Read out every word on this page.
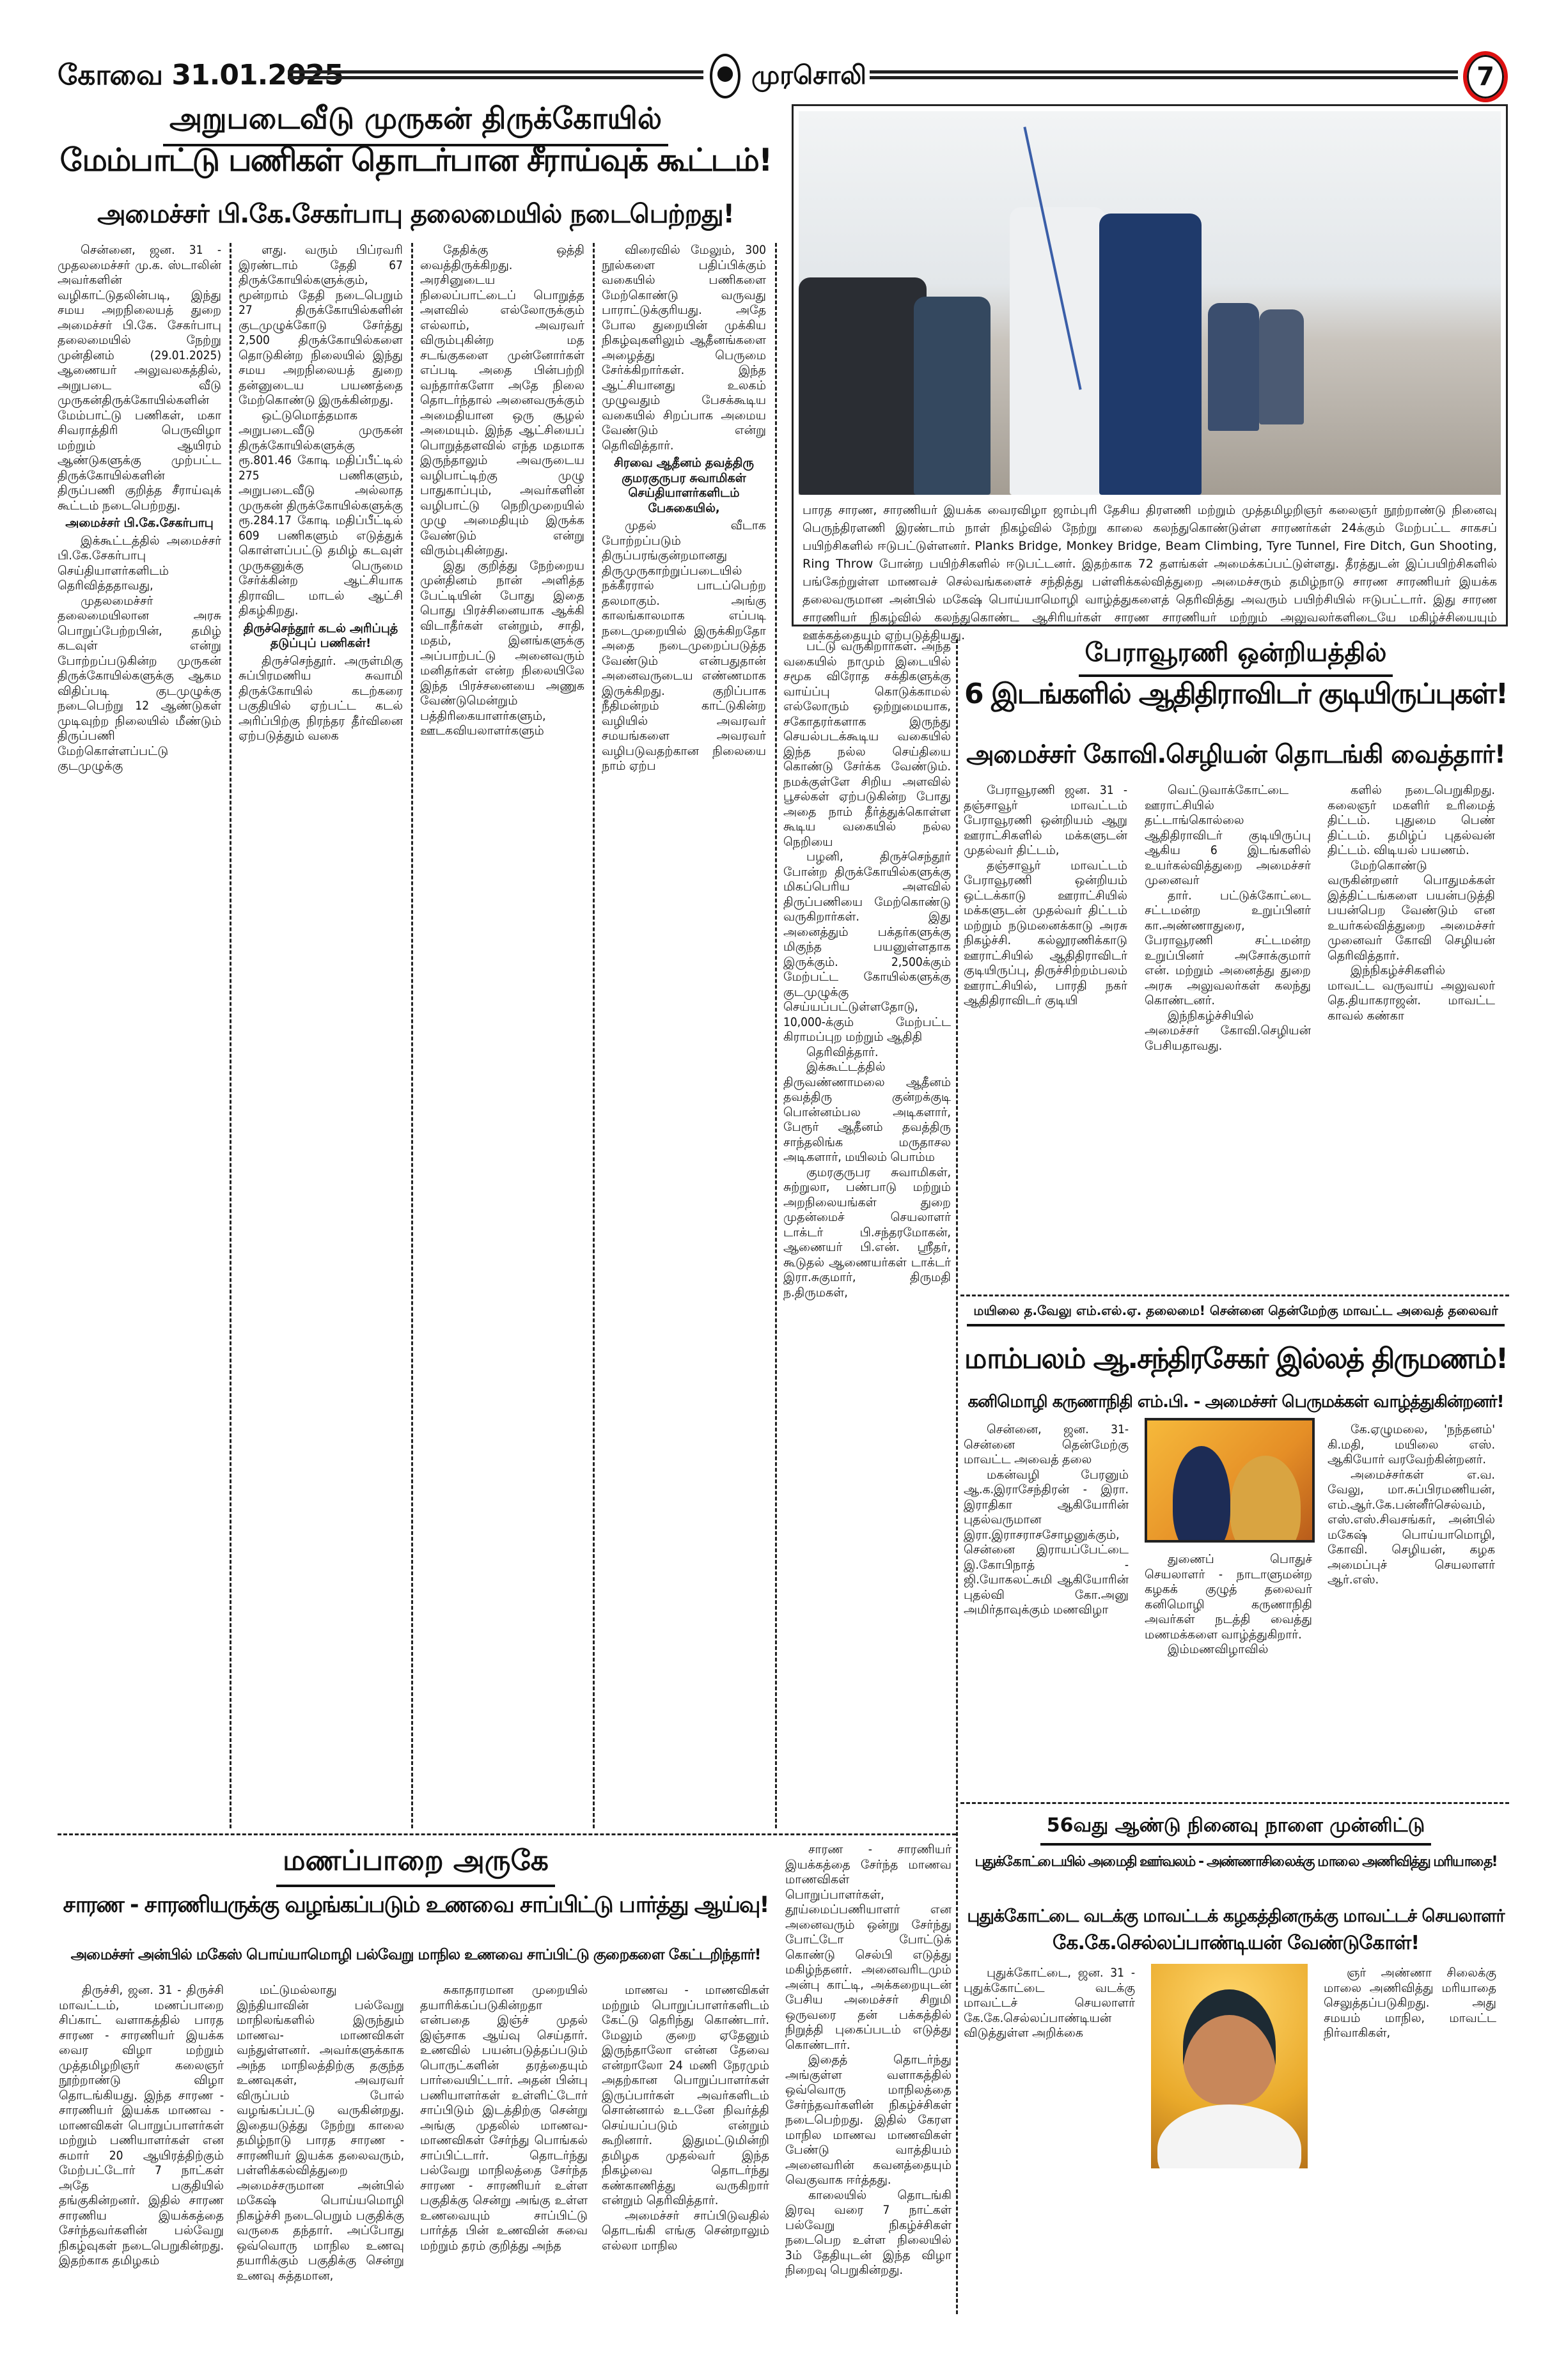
கோவை 31.01.2025	முரசொலி	7
அறுபடைவீடு முருகன் திருக்கோயில்
மேம்பாட்டு பணிகள் தொடர்பான சீராய்வுக் கூட்டம்!
அமைச்சர் பி.கே.சேகர்பாபு தலைமையில் நடைபெற்றது!

சென்னை, ஜன. 31 - முதலமைச்சர் மு.க. ஸ்டாலின் அவர்களின் வழிகாட்டுதலின்படி, இந்து சமய அறநிலையத் துறை அமைச்சர் பி.கே. சேகர்பாபு தலைமையில் நேற்று முன்தினம் (29.01.2025) ஆணையர் அலுவலகத்தில், அறுபடை வீடு முருகன்திருக்கோயில்களின் மேம்பாட்டு பணிகள், மகா சிவராத்திரி பெருவிழா மற்றும் ஆயிரம் ஆண்டுகளுக்கு முற்பட்ட திருக்கோயில்களின் திருப்பணி குறித்த சீராய்வுக் கூட்டம் நடைபெற்றது.

அமைச்சர் பி.கே.சேகர்பாபு

இக்கூட்டத்தில் அமைச்சர் பி.கே.சேகர்பாபு செய்தியாளர்களிடம் தெரிவித்ததாவது,

முதலமைச்சர் தலைமையிலான அரசு பொறுப்பேற்றபின், தமிழ் கடவுள் என்று போற்றப்படுகின்ற முருகன் திருக்கோயில்களுக்கு ஆகம விதிப்படி குடமுழுக்கு நடைபெற்று 12 ஆண்டுகள் முடிவுற்ற நிலையில் மீண்டும் திருப்பணி மேற்கொள்ளப்பட்டு குடமுழுக்கு

ளது. வரும் பிப்ரவரி இரண்டாம் தேதி 67 திருக்கோயில்களுக்கும், மூன்றாம் தேதி நடைபெறும் 27 திருக்கோயில்களின் குடமுழுக்கோடு சேர்த்து 2,500 திருக்கோயில்களை தொடுகின்ற நிலையில் இந்து சமய அறநிலையத் துறை தன்னுடைய பயணத்தை மேற்கொண்டு இருக்கின்றது.

ஒட்டுமொத்தமாக அறுபடைவீடு முருகன் திருக்கோயில்களுக்கு ரூ.801.46 கோடி மதிப்பீட்டில் 275 பணிகளும், அறுபடைவீடு அல்லாத முருகன் திருக்கோயில்களுக்கு ரூ.284.17 கோடி மதிப்பீட்டில் 609 பணிகளும் எடுத்துக் கொள்ளப்பட்டு தமிழ் கடவுள் முருகனுக்கு பெருமை சேர்க்கின்ற ஆட்சியாக திராவிட மாடல் ஆட்சி திகழ்கிறது.

திருச்செந்தூர் கடல் அரிப்புத் தடுப்புப் பணிகள்!

திருச்செந்தூர். அருள்மிகு சுப்பிரமணிய சுவாமி திருக்கோயில் கடற்கரை பகுதியில் ஏற்பட்ட கடல் அரிப்பிற்கு நிரந்தர தீர்வினை ஏற்படுத்தும் வகை

தேதிக்கு ஒத்தி வைத்திருக்கிறது. அரசினுடைய நிலைப்பாட்டைப் பொறுத்த அளவில் எல்லோருக்கும் எல்லாம், அவரவர் விரும்புகின்ற மத சடங்குகளை முன்னோர்கள் எப்படி அதை பின்பற்றி வந்தார்களோ அதே நிலை தொடர்ந்தால் அனைவருக்கும் அமைதியான ஒரு சூழல் அமையும். இந்த ஆட்சியைப் பொறுத்தளவில் எந்த மதமாக இருந்தாலும் அவருடைய வழிபாட்டிற்கு முழு பாதுகாப்பும், அவர்களின் வழிபாட்டு நெறிமுறையில் முழு அமைதியும் இருக்க வேண்டும் என்று விரும்புகின்றது.

இது குறித்து நேற்றைய முன்தினம் நான் அளித்த பேட்டியின் போது இதை பொது பிரச்சினையாக ஆக்கி விடாதீர்கள் என்றும், சாதி, மதம், இனங்களுக்கு அப்பாற்பட்டு அனைவரும் மனிதர்கள் என்ற நிலையிலே இந்த பிரச்சனையை அணுக வேண்டுமென்றும் பத்திரிகையாளர்களும், ஊடகவியலாளர்களும்

விரைவில் மேலும், 300 நூல்களை பதிப்பிக்கும் வகையில் பணிகளை மேற்கொண்டு வருவது பாராட்டுக்குரியது. அதே போல துறையின் முக்கிய நிகழ்வுகளிலும் ஆதீனங்களை அழைத்து பெருமை சேர்க்கிறார்கள். இந்த ஆட்சியானது உலகம் முழுவதும் பேசக்கூடிய வகையில் சிறப்பாக அமைய வேண்டும் என்று தெரிவித்தார்.

சிரவை ஆதீனம் தவத்திரு குமரகுருபர சுவாமிகள் செய்தியாளர்களிடம் பேசுகையில்,

முதல் வீடாக போற்றப்படும் திருப்பரங்குன்றமானது திருமுருகாற்றுப்படையில் நக்கீரரால் பாடப்பெற்ற தலமாகும். அங்கு காலங்காலமாக எப்படி நடைமுறையில் இருக்கிறதோ அதை நடைமுறைப்படுத்த வேண்டும் என்பதுதான் அனைவருடைய எண்ணமாக இருக்கிறது. குறிப்பாக நீதிமன்றம் காட்டுகின்ற வழியில் அவரவர் சமயங்களை அவரவர் வழிபடுவதற்கான நிலையை நாம் ஏற்ப

பட்டு வருகிறார்கள். அந்த வகையில் நாமும் இடையில் சமூக விரோத சக்திகளுக்கு வாய்ப்பு கொடுக்காமல் எல்லோரும் ஒற்றுமையாக, சகோதரர்களாக இருந்து செயல்படக்கூடிய வகையில் இந்த நல்ல செய்தியை கொண்டு சேர்க்க வேண்டும். நமக்குள்ளே சிறிய அளவில் பூசல்கள் ஏற்படுகின்ற போது அதை நாம் தீர்த்துக்கொள்ள கூடிய வகையில் நல்ல நெறியை

பழனி, திருச்செந்தூர் போன்ற திருக்கோயில்களுக்கு மிகப்பெரிய அளவில் திருப்பணியை மேற்கொண்டு வருகிறார்கள். இது அனைத்தும் பக்தர்களுக்கு மிகுந்த பயனுள்ளதாக இருக்கும். 2,500க்கும் மேற்பட்ட கோயில்களுக்கு குடமுழுக்கு செய்யப்பட்டுள்ளதோடு, 10,000-க்கும் மேற்பட்ட கிராமப்புற மற்றும் ஆதிதி

தெரிவித்தார்.

இக்கூட்டத்தில் திருவண்ணாமலை ஆதீனம் தவத்திரு குன்றக்குடி பொன்னம்பல அடிகளார், பேரூர் ஆதீனம் தவத்திரு சாந்தலிங்க மருதாசல அடிகளார், மயிலம் பொம்ம

குமரகுருபர சுவாமிகள், சுற்றுலா, பண்பாடு மற்றும் அறநிலையங்கள் துறை முதன்மைச் செயலாளர் டாக்டர் பி.சந்தரமோகன், ஆணையர் பி.என். ஸ்ரீதர், கூடுதல் ஆணையர்கள் டாக்டர் இரா.சுகுமார், திருமதி ந.திருமகள்,

பாரத சாரண, சாரணியர் இயக்க வைரவிழா ஜாம்புரி தேசிய திரளணி மற்றும் முத்தமிழறிஞர் கலைஞர் நூற்றாண்டு நினைவு பெருந்திரளணி இரண்டாம் நாள் நிகழ்வில் நேற்று காலை கலந்துகொண்டுள்ள சாரணர்கள் 24க்கும் மேற்பட்ட சாகசப் பயிற்சிகளில் ஈடுபட்டுள்ளனர். Planks Bridge, Monkey Bridge, Beam Climbing, Tyre Tunnel, Fire Ditch, Gun Shooting, Ring Throw போன்ற பயிற்சிகளில் ஈடுபட்டனர். இதற்காக 72 தளங்கள் அமைக்கப்பட்டுள்ளது. தீரத்துடன் இப்பயிற்சிகளில் பங்கேற்றுள்ள மாணவச் செல்வங்களைச் சந்தித்து பள்ளிக்கல்வித்துறை அமைச்சரும் தமிழ்நாடு சாரண சாரணியர் இயக்க தலைவருமான அன்பில் மகேஷ் பொய்யாமொழி வாழ்த்துகளைத் தெரிவித்து அவரும் பயிற்சியில் ஈடுபட்டார். இது சாரண சாரணியர் நிகழ்வில் கலந்துகொண்ட ஆசிரியர்கள் சாரண சாரணியர் மற்றும் அலுவலர்களிடையே மகிழ்ச்சியையும் ஊக்கத்தையும் ஏற்படுத்தியது.
பேராவூரணி ஒன்றியத்தில்
6 இடங்களில் ஆதிதிராவிடர் குடியிருப்புகள்!
அமைச்சர் கோவி.செழியன் தொடங்கி வைத்தார்!

பேராவூரணி ஜன. 31 - தஞ்சாவூர் மாவட்டம் பேராவூரணி ஒன்றியம் ஆறு ஊராட்சிகளில் மக்களுடன் முதல்வர் திட்டம்,

தஞ்சாவூர் மாவட்டம் பேராவூரணி ஒன்றியம் ஒட்டக்காடு ஊராட்சியில் மக்களுடன் முதல்வர் திட்டம் மற்றும் நடுமனைக்காடு அரசு நிகழ்ச்சி. கல்லூரணிக்காடு ஊராட்சியில் ஆதிதிராவிடர் குடியிருப்பு, திருச்சிற்றம்பலம் ஊராட்சியில், பாரதி நகர் ஆதிதிராவிடர் குடியி

வெட்டுவாக்கோட்டை ஊராட்சியில் தட்டாங்கொல்லை ஆதிதிராவிடர் குடியிருப்பு ஆகிய 6 இடங்களில் உயர்கல்வித்துறை அமைச்சர் முனைவர்

தார். பட்டுக்கோட்டை சட்டமன்ற உறுப்பினர் கா.அண்ணாதுரை, பேராவூரணி சட்டமன்ற உறுப்பினர் அசோக்குமார் என். மற்றும் அனைத்து துறை அரசு அலுவலர்கள் கலந்து கொண்டனர்.

இந்நிகழ்ச்சியில் அமைச்சர் கோவி.செழியன் பேசியதாவது.

களில் நடைபெறுகிறது. கலைஞர் மகளிர் உரிமைத் திட்டம். புதுமை பெண் திட்டம். தமிழ்ப் புதல்வன் திட்டம். விடியல் பயணம்.

மேற்கொண்டு வருகின்றனர் பொதுமக்கள் இத்திட்டங்களை பயன்படுத்தி பயன்பெற வேண்டும் என உயர்கல்வித்துறை அமைச்சர் முனைவர் கோவி செழியன் தெரிவித்தார்.

இந்நிகழ்ச்சிகளில் மாவட்ட வருவாய் அலுவலர் தெ.தியாகராஜன். மாவட்ட காவல் கண்கா

மயிலை த.வேலு எம்.எல்.ஏ. தலைமை! சென்னை தென்மேற்கு மாவட்ட அவைத் தலைவர்
மாம்பலம் ஆ.சந்திரசேகர் இல்லத் திருமணம்!
கனிமொழி கருணாநிதி எம்.பி. - அமைச்சர் பெருமக்கள் வாழ்த்துகின்றனர்!

சென்னை, ஜன. 31- சென்னை தென்மேற்கு மாவட்ட அவைத் தலை

மகன்வழி பேரனும் ஆ.க.இராசேந்திரன் - இரா. இராதிகா ஆகியோரின் புதல்வருமான இரா.இராசராசசோழனுக்கும், சென்னை இராயப்பேட்டை இ.கோபிநாத் - ஜி.யோகலட்சுமி ஆகியோரின் புதல்வி கோ.அனு அமிர்தாவுக்கும் மணவிழா

துணைப் பொதுச் செயலாளர் - நாடாளுமன்ற கழகக் குழுத் தலைவர் கனிமொழி கருணாநிதி அவர்கள் நடத்தி வைத்து மணமக்களை வாழ்த்துகிறார்.

இம்மணவிழாவில்

கே.ஏழுமலை, 'நந்தனம்' கி.மதி, மயிலை எஸ். ஆகியோர் வரவேற்கின்றனர்.

அமைச்சர்கள் எ.வ. வேலு, மா.சுப்பிரமணியன், எம்.ஆர்.கே.பன்னீர்செல்வம், எஸ்.எஸ்.சிவசங்கர், அன்பில் மகேஷ் பொய்யாமொழி, கோவி. செழியன், கழக அமைப்புச் செயலாளர் ஆர்.எஸ்.

56வது ஆண்டு நினைவு நாளை முன்னிட்டு
புதுக்கோட்டையில் அமைதி ஊர்வலம் - அண்ணாசிலைக்கு மாலை அணிவித்து மரியாதை!
புதுக்கோட்டை வடக்கு மாவட்டக் கழகத்தினருக்கு மாவட்டச் செயலாளர்
கே.கே.செல்லப்பாண்டியன் வேண்டுகோள்!

புதுக்கோட்டை, ஜன. 31 - புதுக்கோட்டை வடக்கு மாவட்டச் செயலாளர் கே.கே.செல்லப்பாண்டியன் விடுத்துள்ள அறிக்கை

ஞர் அண்ணா சிலைக்கு மாலை அணிவித்து மரியாதை செலுத்தப்படுகிறது. அது சமயம் மாநில, மாவட்ட நிர்வாகிகள்,

மணப்பாறை அருகே
சாரண - சாரணியருக்கு வழங்கப்படும் உணவை சாப்பிட்டு பார்த்து ஆய்வு!
அமைச்சர் அன்பில் மகேஸ் பொய்யாமொழி பல்வேறு மாநில உணவை சாப்பிட்டு குறைகளை கேட்டறிந்தார்!

திருச்சி, ஜன. 31 - திருச்சி மாவட்டம், மணப்பாறை சிப்காட் வளாகத்தில் பாரத சாரண - சாரணியர் இயக்க வைர விழா மற்றும் முத்தமிழறிஞர் கலைஞர் நூற்றாண்டு விழா தொடங்கியது. இந்த சாரண - சாரணியர் இயக்க மாணவ - மாணவிகள் பொறுப்பாளர்கள் மற்றும் பணியாளர்கள் என சுமார் 20 ஆயிரத்திற்கும் மேற்பட்டோர் 7 நாட்கள் அதே பகுதியில் தங்குகின்றனர். இதில் சாரண சாரணிய இயக்கத்தை சேர்ந்தவர்களின் பல்வேறு நிகழ்வுகள் நடைபெறுகின்றது. இதற்காக தமிழகம்

மட்டுமல்லாது இந்தியாவின் பல்வேறு மாநிலங்களில் இருந்தும் மாணவ- மாணவிகள் வந்துள்ளனர். அவர்களுக்காக அந்த மாநிலத்திற்கு தகுந்த உணவுகள், அவரவர் விருப்பம் போல் வழங்கப்பட்டு வருகின்றது. இதையடுத்து நேற்று காலை தமிழ்நாடு பாரத சாரண - சாரணியர் இயக்க தலைவரும், பள்ளிக்கல்வித்துறை அமைச்சருமான அன்பில் மகேஷ் பொய்யமொழி நிகழ்ச்சி நடைபெறும் பகுதிக்கு வருகை தந்தார். அப்போது ஒவ்வொரு மாநில உணவு தயாரிக்கும் பகுதிக்கு சென்று உணவு சுத்தமான,

சுகாதாரமான முறையில் தயாரிக்கப்படுகின்றதா என்பதை இஞ்ச் முதல் இஞ்சாக ஆய்வு செய்தார். உணவில் பயன்படுத்தப்படும் பொருட்களின் தரத்தையும் பார்வையிட்டார். அதன் பின்பு பணியாளர்கள் உள்ளிட்டோர் சாப்பிடும் இடத்திற்கு சென்று அங்கு முதலில் மாணவ- மாணவிகள் சேர்ந்து பொங்கல் சாப்பிட்டார். தொடர்ந்து பல்வேறு மாநிலத்தை சேர்ந்த சாரண - சாரணியர் உள்ள பகுதிக்கு சென்று அங்கு உள்ள உணவையும் சாப்பிட்டு பார்த்த பின் உணவின் சுவை மற்றும் தரம் குறித்து அந்த

மாணவ - மாணவிகள் மற்றும் பொறுப்பாளர்களிடம் கேட்டு தெரிந்து கொண்டார். மேலும் குறை ஏதேனும் இருந்தாலோ என்ன தேவை என்றாலோ 24 மணி நேரமும் அதற்கான பொறுப்பாளர்கள் இருப்பார்கள் அவர்களிடம் சொன்னால் உடனே நிவர்த்தி செய்யப்படும் என்றும் கூறினார். இதுமட்டுமின்றி தமிழக முதல்வர் இந்த நிகழ்வை தொடர்ந்து கண்காணித்து வருகிறார் என்றும் தெரிவித்தார்.

அமைச்சர் சாப்பிடுவதில் தொடங்கி எங்கு சென்றாலும் எல்லா மாநில

சாரண - சாரணியர் இயக்கத்தை சேர்ந்த மாணவ மாணவிகள் பொறுப்பாளர்கள், தூய்மைப்பணியாளர் என அனைவரும் ஒன்று சேர்ந்து போட்டோ போட்டுக் கொண்டு செல்பி எடுத்து மகிழ்ந்தனர். அனைவரிடமும் அன்பு காட்டி, அக்கறையுடன் பேசிய அமைச்சர் சிறுமி ஒருவரை தன் பக்கத்தில் நிறுத்தி புகைப்படம் எடுத்து கொண்டார்.

இதைத் தொடர்ந்து அங்குள்ள வளாகத்தில் ஒவ்வொரு மாநிலத்தை சேர்ந்தவர்களின் நிகழ்ச்சிகள் நடைபெற்றது. இதில் கேரள மாநில மாணவ மாணவிகள் பேண்டு வாத்தியம் அனைவரின் கவனத்தையும் வெகுவாக ஈர்த்தது.

காலையில் தொடங்கி இரவு வரை 7 நாட்கள் பல்வேறு நிகழ்ச்சிகள் நடைபெற உள்ள நிலையில் 3ம் தேதியுடன் இந்த விழா நிறைவு பெறுகின்றது.
